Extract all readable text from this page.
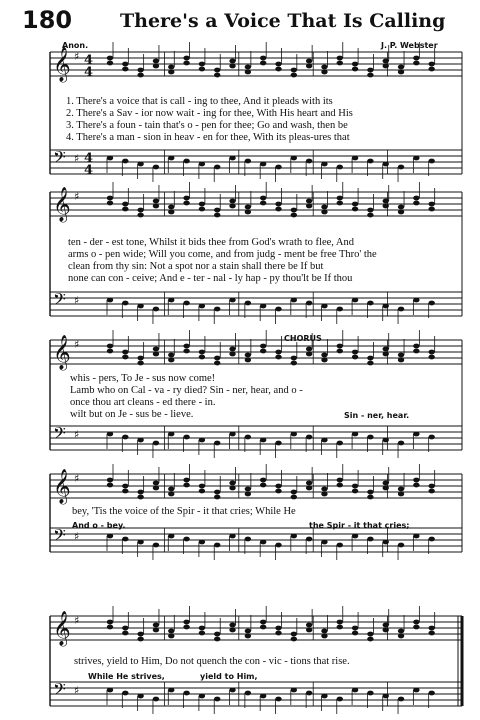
180	There's a Voice That Is Calling
Anon.	J. P. Webster
𝄞 ♯ 4
4
𝄢 ♯ 4
4
𝄞 ♯
𝄢 ♯
𝄞 ♯
𝄢 ♯
𝄞 ♯
𝄢 ♯
𝄞 ♯
𝄢 ♯
1. There's a voice that is call - ing to thee, And it pleads with its
2. There's a Sav - ior now wait - ing for thee, With His heart and His
3. There's a foun - tain that's o - pen for thee; Go and wash, then be
4. There's a man - sion in heav - en for thee, With its pleas-ures that
ten - der - est tone, Whilst it bids thee from God's wrath to flee, And
arms o - pen wide; Will you come, and from judg - ment be free Thro' the
clean from thy sin: Not a spot nor a stain shall there be If but
none can con - ceive; And e - ter - nal - ly hap - py thou'lt be If thou
CHORUS
whis - pers, To Je - sus now come!
Lamb who on Cal - va - ry died? Sin - ner, hear, and o -
once thou art cleans - ed there - in.
wilt but on Je - sus be - lieve.	Sin - ner, hear.
bey, 'Tis the voice of the Spir - it that cries; While He
And o - bey.	the Spir - it that cries;
strives, yield to Him, Do not quench the con - vic - tions that rise.
While He strives,	yield to Him,
